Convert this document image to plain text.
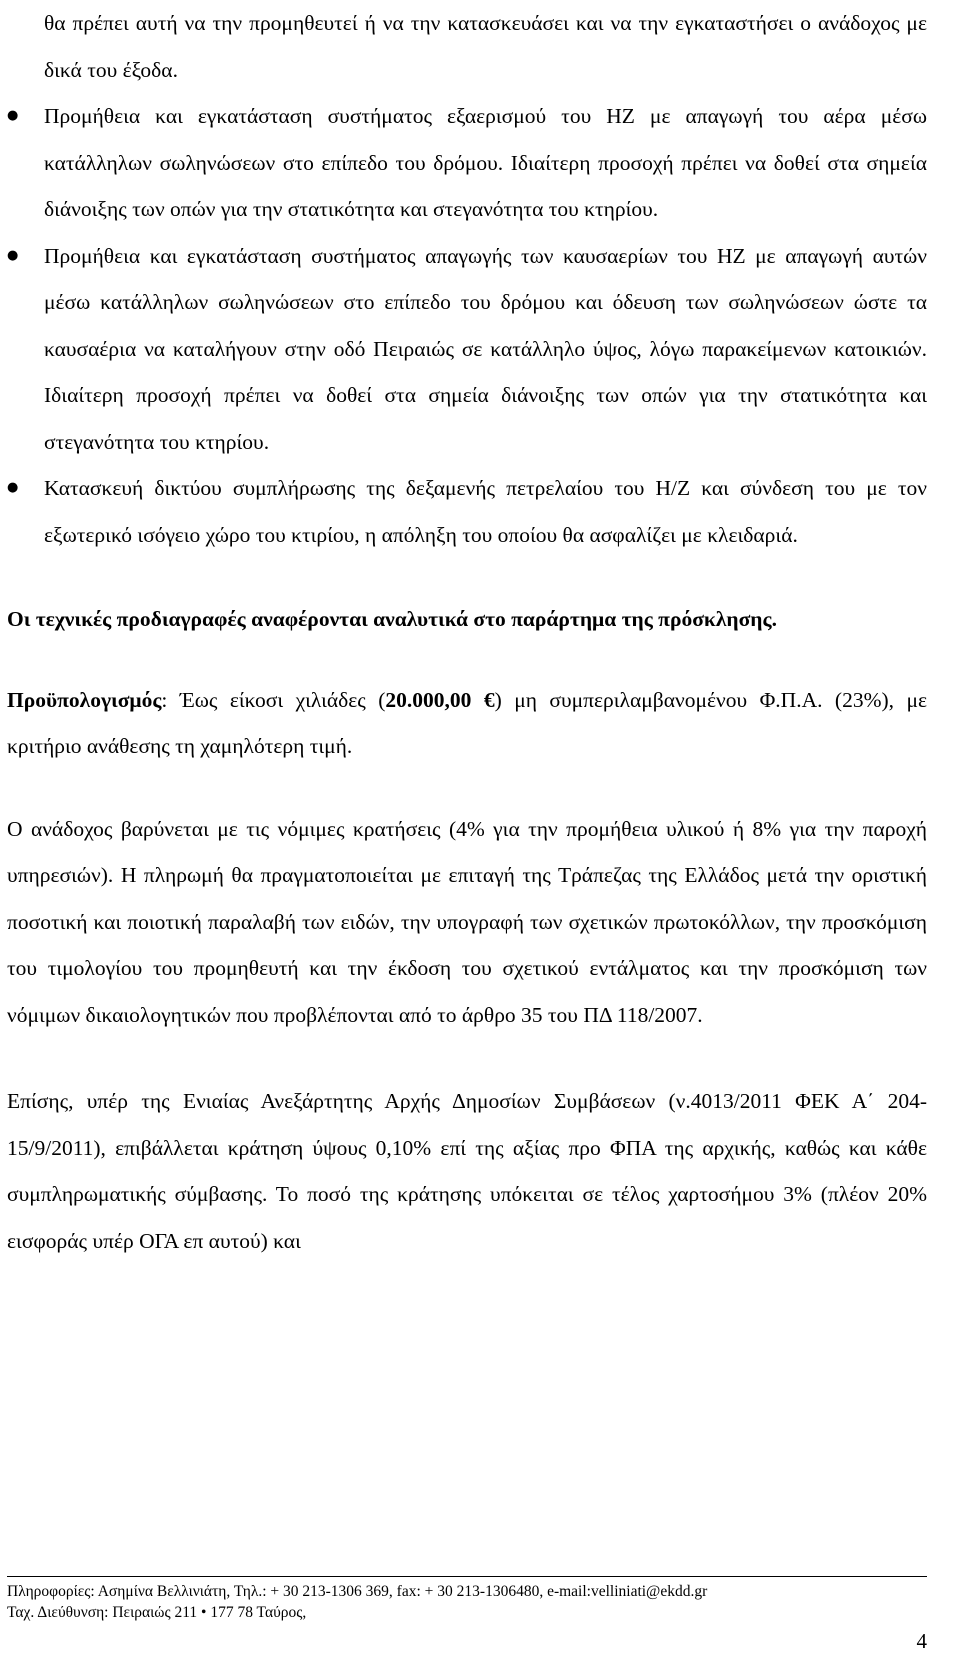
θα πρέπει αυτή να την προμηθευτεί ή να την κατασκευάσει και να την εγκαταστήσει ο ανάδοχος με δικά του έξοδα.

● Προμήθεια και εγκατάσταση συστήματος εξαερισμού του ΗΖ με απαγωγή του αέρα μέσω κατάλληλων σωληνώσεων στο επίπεδο του δρόμου. Ιδιαίτερη προσοχή πρέπει να δοθεί στα σημεία διάνοιξης των οπών για την στατικότητα και στεγανότητα του κτηρίου.
● Προμήθεια και εγκατάσταση συστήματος απαγωγής των καυσαερίων του ΗΖ με απαγωγή αυτών μέσω κατάλληλων σωληνώσεων στο επίπεδο του δρόμου και όδευση των σωληνώσεων ώστε τα καυσαέρια να καταλήγουν στην οδό Πειραιώς σε κατάλληλο ύψος, λόγω παρακείμενων κατοικιών. Ιδιαίτερη προσοχή πρέπει να δοθεί στα σημεία διάνοιξης των οπών για την στατικότητα και στεγανότητα του κτηρίου.
● Κατασκευή δικτύου συμπλήρωσης της δεξαμενής πετρελαίου του Η/Ζ και σύνδεση του με τον εξωτερικό ισόγειο χώρο του κτιρίου, η απόληξη του οποίου θα ασφαλίζει με κλειδαριά.

Οι τεχνικές προδιαγραφές αναφέρονται αναλυτικά στο παράρτημα της πρόσκλησης.

Προϋπολογισμός: Έως είκοσι χιλιάδες (20.000,00 €) μη συμπεριλαμβανομένου Φ.Π.Α. (23%), με κριτήριο ανάθεσης τη χαμηλότερη τιμή.

Ο ανάδοχος βαρύνεται με τις νόμιμες κρατήσεις (4% για την προμήθεια υλικού ή 8% για την παροχή υπηρεσιών). Η πληρωμή θα πραγματοποιείται με επιταγή της Τράπεζας της Ελλάδος μετά την οριστική ποσοτική και ποιοτική παραλαβή των ειδών, την υπογραφή των σχετικών πρωτοκόλλων, την προσκόμιση του τιμολογίου του προμηθευτή και την έκδοση του σχετικού εντάλματος και την προσκόμιση των νόμιμων δικαιολογητικών που προβλέπονται από το άρθρο 35 του ΠΔ 118/2007.

Επίσης, υπέρ της Ενιαίας Ανεξάρτητης Αρχής Δημοσίων Συμβάσεων (ν.4013/2011 ΦΕΚ Α΄ 204-15/9/2011), επιβάλλεται κράτηση ύψους 0,10% επί της αξίας προ ΦΠΑ της αρχικής, καθώς και κάθε συμπληρωματικής σύμβασης. Το ποσό της κράτησης υπόκειται σε τέλος χαρτοσήμου 3% (πλέον 20% εισφοράς υπέρ ΟΓΑ επ αυτού) και

Πληροφορίες: Ασημίνα Βελλινιάτη, Τηλ.: + 30 213-1306 369, fax: + 30 213-1306480, e-mail:velliniati@ekdd.gr
Ταχ. Διεύθυνση: Πειραιώς 211 • 177 78 Ταύρος,
4
